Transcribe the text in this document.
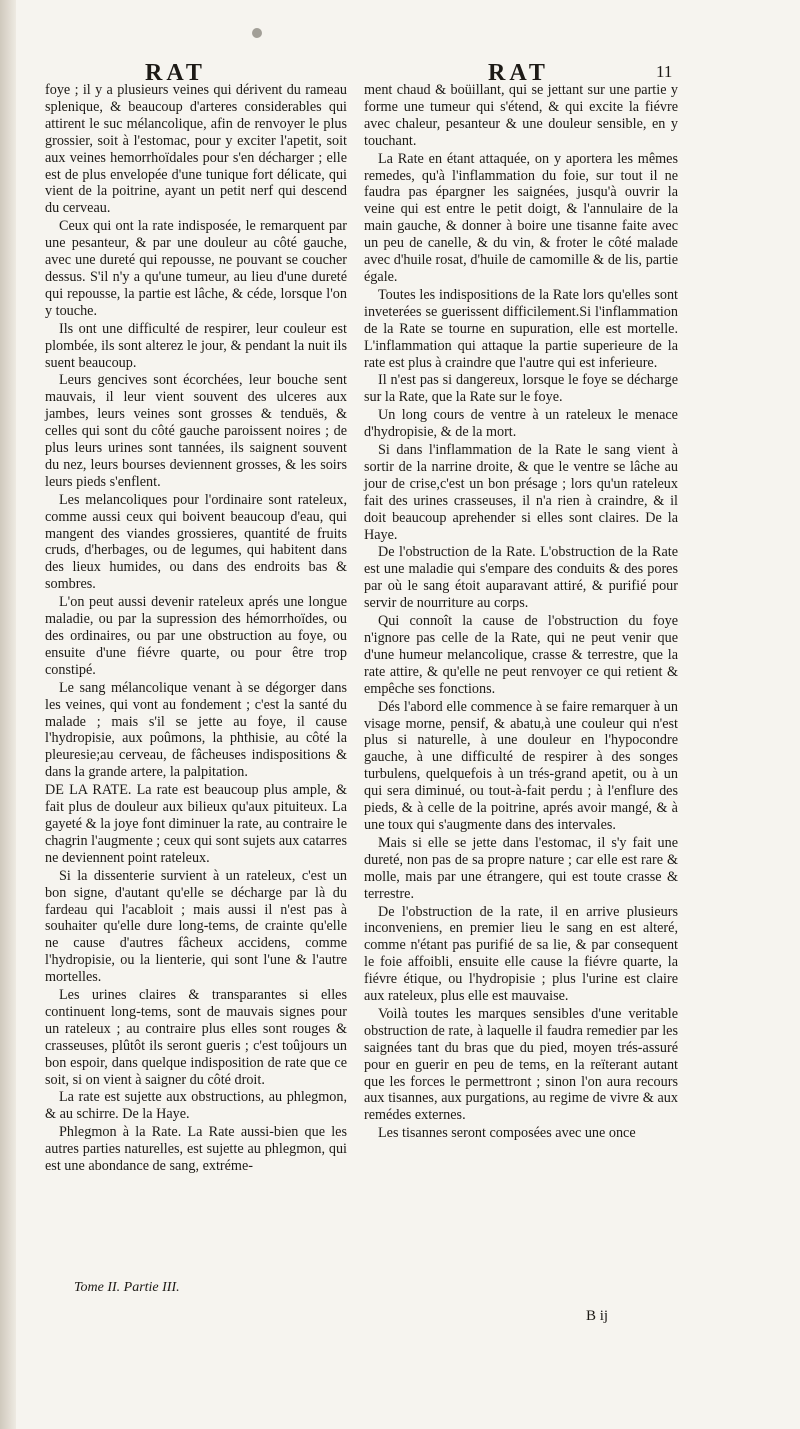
RAT	RAT	11

foye ; il y a plusieurs veines qui dérivent du rameau splenique, & beaucoup d'arteres considerables qui attirent le suc mélancolique, afin de renvoyer le plus grossier, soit à l'estomac, pour y exciter l'apetit, soit aux veines hemorrhoïdales pour s'en décharger ; elle est de plus envelopée d'une tunique fort délicate, qui vient de la poitrine, ayant un petit nerf qui descend du cerveau.

Ceux qui ont la rate indisposée, le remarquent par une pesanteur, & par une douleur au côté gauche, avec une dureté qui repousse, ne pouvant se coucher dessus. S'il n'y a qu'une tumeur, au lieu d'une dureté qui repousse, la partie est lâche, & céde, lorsque l'on y touche.

Ils ont une difficulté de respirer, leur couleur est plombée, ils sont alterez le jour, & pendant la nuit ils suent beaucoup.

Leurs gencives sont écorchées, leur bouche sent mauvais, il leur vient souvent des ulceres aux jambes, leurs veines sont grosses & tenduës, & celles qui sont du côté gauche paroissent noires ; de plus leurs urines sont tannées, ils saignent souvent du nez, leurs bourses deviennent grosses, & les soirs leurs pieds s'enflent.

Les melancoliques pour l'ordinaire sont rateleux, comme aussi ceux qui boivent beaucoup d'eau, qui mangent des viandes grossieres, quantité de fruits cruds, d'herbages, ou de legumes, qui habitent dans des lieux humides, ou dans des endroits bas & sombres.

L'on peut aussi devenir rateleux aprés une longue maladie, ou par la supression des hémorrhoïdes, ou des ordinaires, ou par une obstruction au foye, ou ensuite d'une fiévre quarte, ou pour être trop constipé.

Le sang mélancolique venant à se dégorger dans les veines, qui vont au fondement ; c'est la santé du malade ; mais s'il se jette au foye, il cause l'hydropisie, aux poûmons, la phthisie, au côté la pleuresie;au cerveau, de fâcheuses indispositions & dans la grande artere, la palpitation.

DE LA RATE. La rate est beaucoup plus ample, & fait plus de douleur aux bilieux qu'aux pituiteux. La gayeté & la joye font diminuer la rate, au contraire le chagrin l'augmente ; ceux qui sont sujets aux catarres ne deviennent point rateleux.

Si la dissenterie survient à un rateleux, c'est un bon signe, d'autant qu'elle se décharge par là du fardeau qui l'acabloit ; mais aussi il n'est pas à souhaiter qu'elle dure long-tems, de crainte qu'elle ne cause d'autres fâcheux accidens, comme l'hydropisie, ou la lienterie, qui sont l'une & l'autre mortelles.

Les urines claires & transparantes si elles continuent long-tems, sont de mauvais signes pour un rateleux ; au contraire plus elles sont rouges & crasseuses, plûtôt ils seront gueris ; c'est toûjours un bon espoir, dans quelque indisposition de rate que ce soit, si on vient à saigner du côté droit.

La rate est sujette aux obstructions, au phlegmon, & au schirre. De la Haye.

Phlegmon à la Rate. La Rate aussi-bien que les autres parties naturelles, est sujette au phlegmon, qui est une abondance de sang, extréme-

ment chaud & boüillant, qui se jettant sur une partie y forme une tumeur qui s'étend, & qui excite la fiévre avec chaleur, pesanteur & une douleur sensible, en y touchant.

La Rate en étant attaquée, on y aportera les mêmes remedes, qu'à l'inflammation du foie, sur tout il ne faudra pas épargner les saignées, jusqu'à ouvrir la veine qui est entre le petit doigt, & l'annulaire de la main gauche, & donner à boire une tisanne faite avec un peu de canelle, & du vin, & froter le côté malade avec d'huile rosat, d'huile de camomille & de lis, partie égale.

Toutes les indispositions de la Rate lors qu'elles sont inveterées se guerissent difficilement.Si l'inflammation de la Rate se tourne en supuration, elle est mortelle. L'inflammation qui attaque la partie superieure de la rate est plus à craindre que l'autre qui est inferieure.

Il n'est pas si dangereux, lorsque le foye se décharge sur la Rate, que la Rate sur le foye.

Un long cours de ventre à un rateleux le menace d'hydropisie, & de la mort.

Si dans l'inflammation de la Rate le sang vient à sortir de la narrine droite, & que le ventre se lâche au jour de crise,c'est un bon présage ; lors qu'un rateleux fait des urines crasseuses, il n'a rien à craindre, & il doit beaucoup aprehender si elles sont claires. De la Haye.

De l'obstruction de la Rate. L'obstruction de la Rate est une maladie qui s'empare des conduits & des pores par où le sang étoit auparavant attiré, & purifié pour servir de nourriture au corps.

Qui connoît la cause de l'obstruction du foye n'ignore pas celle de la Rate, qui ne peut venir que d'une humeur melancolique, crasse & terrestre, que la rate attire, & qu'elle ne peut renvoyer ce qui retient & empêche ses fonctions.

Dés l'abord elle commence à se faire remarquer à un visage morne, pensif, & abatu,à une couleur qui n'est plus si naturelle, à une douleur en l'hypocondre gauche, à une difficulté de respirer à des songes turbulens, quelquefois à un trés-grand apetit, ou à un qui sera diminué, ou tout-à-fait perdu ; à l'enflure des pieds, & à celle de la poitrine, aprés avoir mangé, & à une toux qui s'augmente dans des intervales.

Mais si elle se jette dans l'estomac, il s'y fait une dureté, non pas de sa propre nature ; car elle est rare & molle, mais par une étrangere, qui est toute crasse & terrestre.

De l'obstruction de la rate, il en arrive plusieurs inconveniens, en premier lieu le sang en est alteré, comme n'étant pas purifié de sa lie, & par consequent le foie affoibli, ensuite elle cause la fiévre quarte, la fiévre étique, ou l'hydropisie ; plus l'urine est claire aux rateleux, plus elle est mauvaise.

Voilà toutes les marques sensibles d'une veritable obstruction de rate, à laquelle il faudra remedier par les saignées tant du bras que du pied, moyen trés-assuré pour en guerir en peu de tems, en la reïterant autant que les forces le permettront ; sinon l'on aura recours aux tisannes, aux purgations, au regime de vivre & aux remédes externes.

Les tisannes seront composées avec une once

Tome II. Partie III.
B ij
